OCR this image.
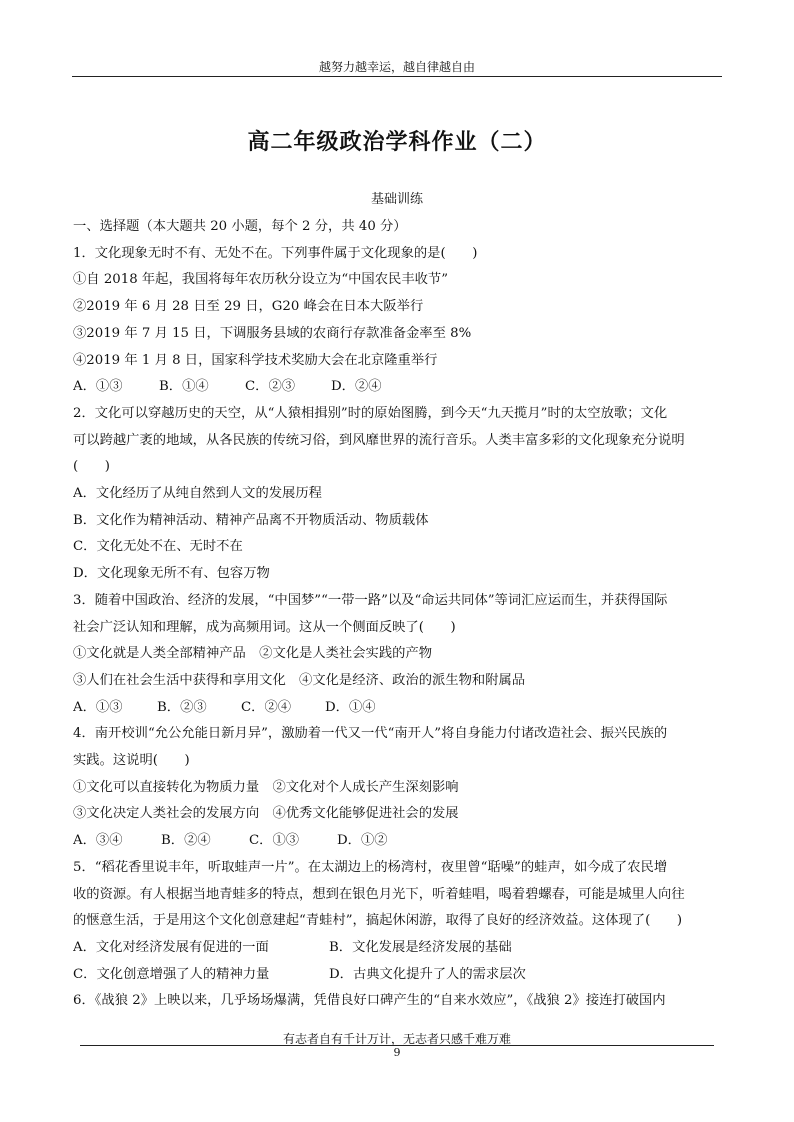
越努力越幸运，越自律越自由
高二年级政治学科作业（二）
基础训练
一、选择题（本大题共 20 小题，每个 2 分，共 40 分）
1．文化现象无时不有、无处不在。下列事件属于文化现象的是(　　)
①自 2018 年起，我国将每年农历秋分设立为“中国农民丰收节”
②2019 年 6 月 28 日至 29 日，G20 峰会在日本大阪举行
③2019 年 7 月 15 日，下调服务县域的农商行存款准备金率至 8%
④2019 年 1 月 8 日，国家科学技术奖励大会在北京隆重举行
A．①③	B．①④	C．②③	D．②④
2．文化可以穿越历史的天空，从“人猿相揖别”时的原始图腾，到今天“九天揽月”时的太空放歌；文化
可以跨越广袤的地域，从各民族的传统习俗，到风靡世界的流行音乐。人类丰富多彩的文化现象充分说明
(　　)
A．文化经历了从纯自然到人文的发展历程
B．文化作为精神活动、精神产品离不开物质活动、物质载体
C．文化无处不在、无时不在
D．文化现象无所不有、包容万物
3．随着中国政治、经济的发展，“中国梦”“一带一路”以及“命运共同体”等词汇应运而生，并获得国际
社会广泛认知和理解，成为高频用词。这从一个侧面反映了(　　)
①文化就是人类全部精神产品　②文化是人类社会实践的产物
③人们在社会生活中获得和享用文化　④文化是经济、政治的派生物和附属品
A．①③	B．②③	C．②④	D．①④
4．南开校训“允公允能日新月异”，激励着一代又一代“南开人”将自身能力付诸改造社会、振兴民族的
实践。这说明(　　)
①文化可以直接转化为物质力量　②文化对个人成长产生深刻影响
③文化决定人类社会的发展方向　④优秀文化能够促进社会的发展
A．③④	B．②④	C．①③	D．①②
5．“稻花香里说丰年，听取蛙声一片”。在太湖边上的杨湾村，夜里曾“聒噪”的蛙声，如今成了农民增
收的资源。有人根据当地青蛙多的特点，想到在银色月光下，听着蛙唱，喝着碧螺春，可能是城里人向往
的惬意生活，于是用这个文化创意建起“青蛙村”，搞起休闲游，取得了良好的经济效益。这体现了(　　)
A．文化对经济发展有促进的一面	B．文化发展是经济发展的基础
C．文化创意增强了人的精神力量	D．古典文化提升了人的需求层次
6．《战狼 2》上映以来，几乎场场爆满，凭借良好口碑产生的“自来水效应”，《战狼 2》接连打破国内
有志者自有千计万计，无志者只感千难万难
9
